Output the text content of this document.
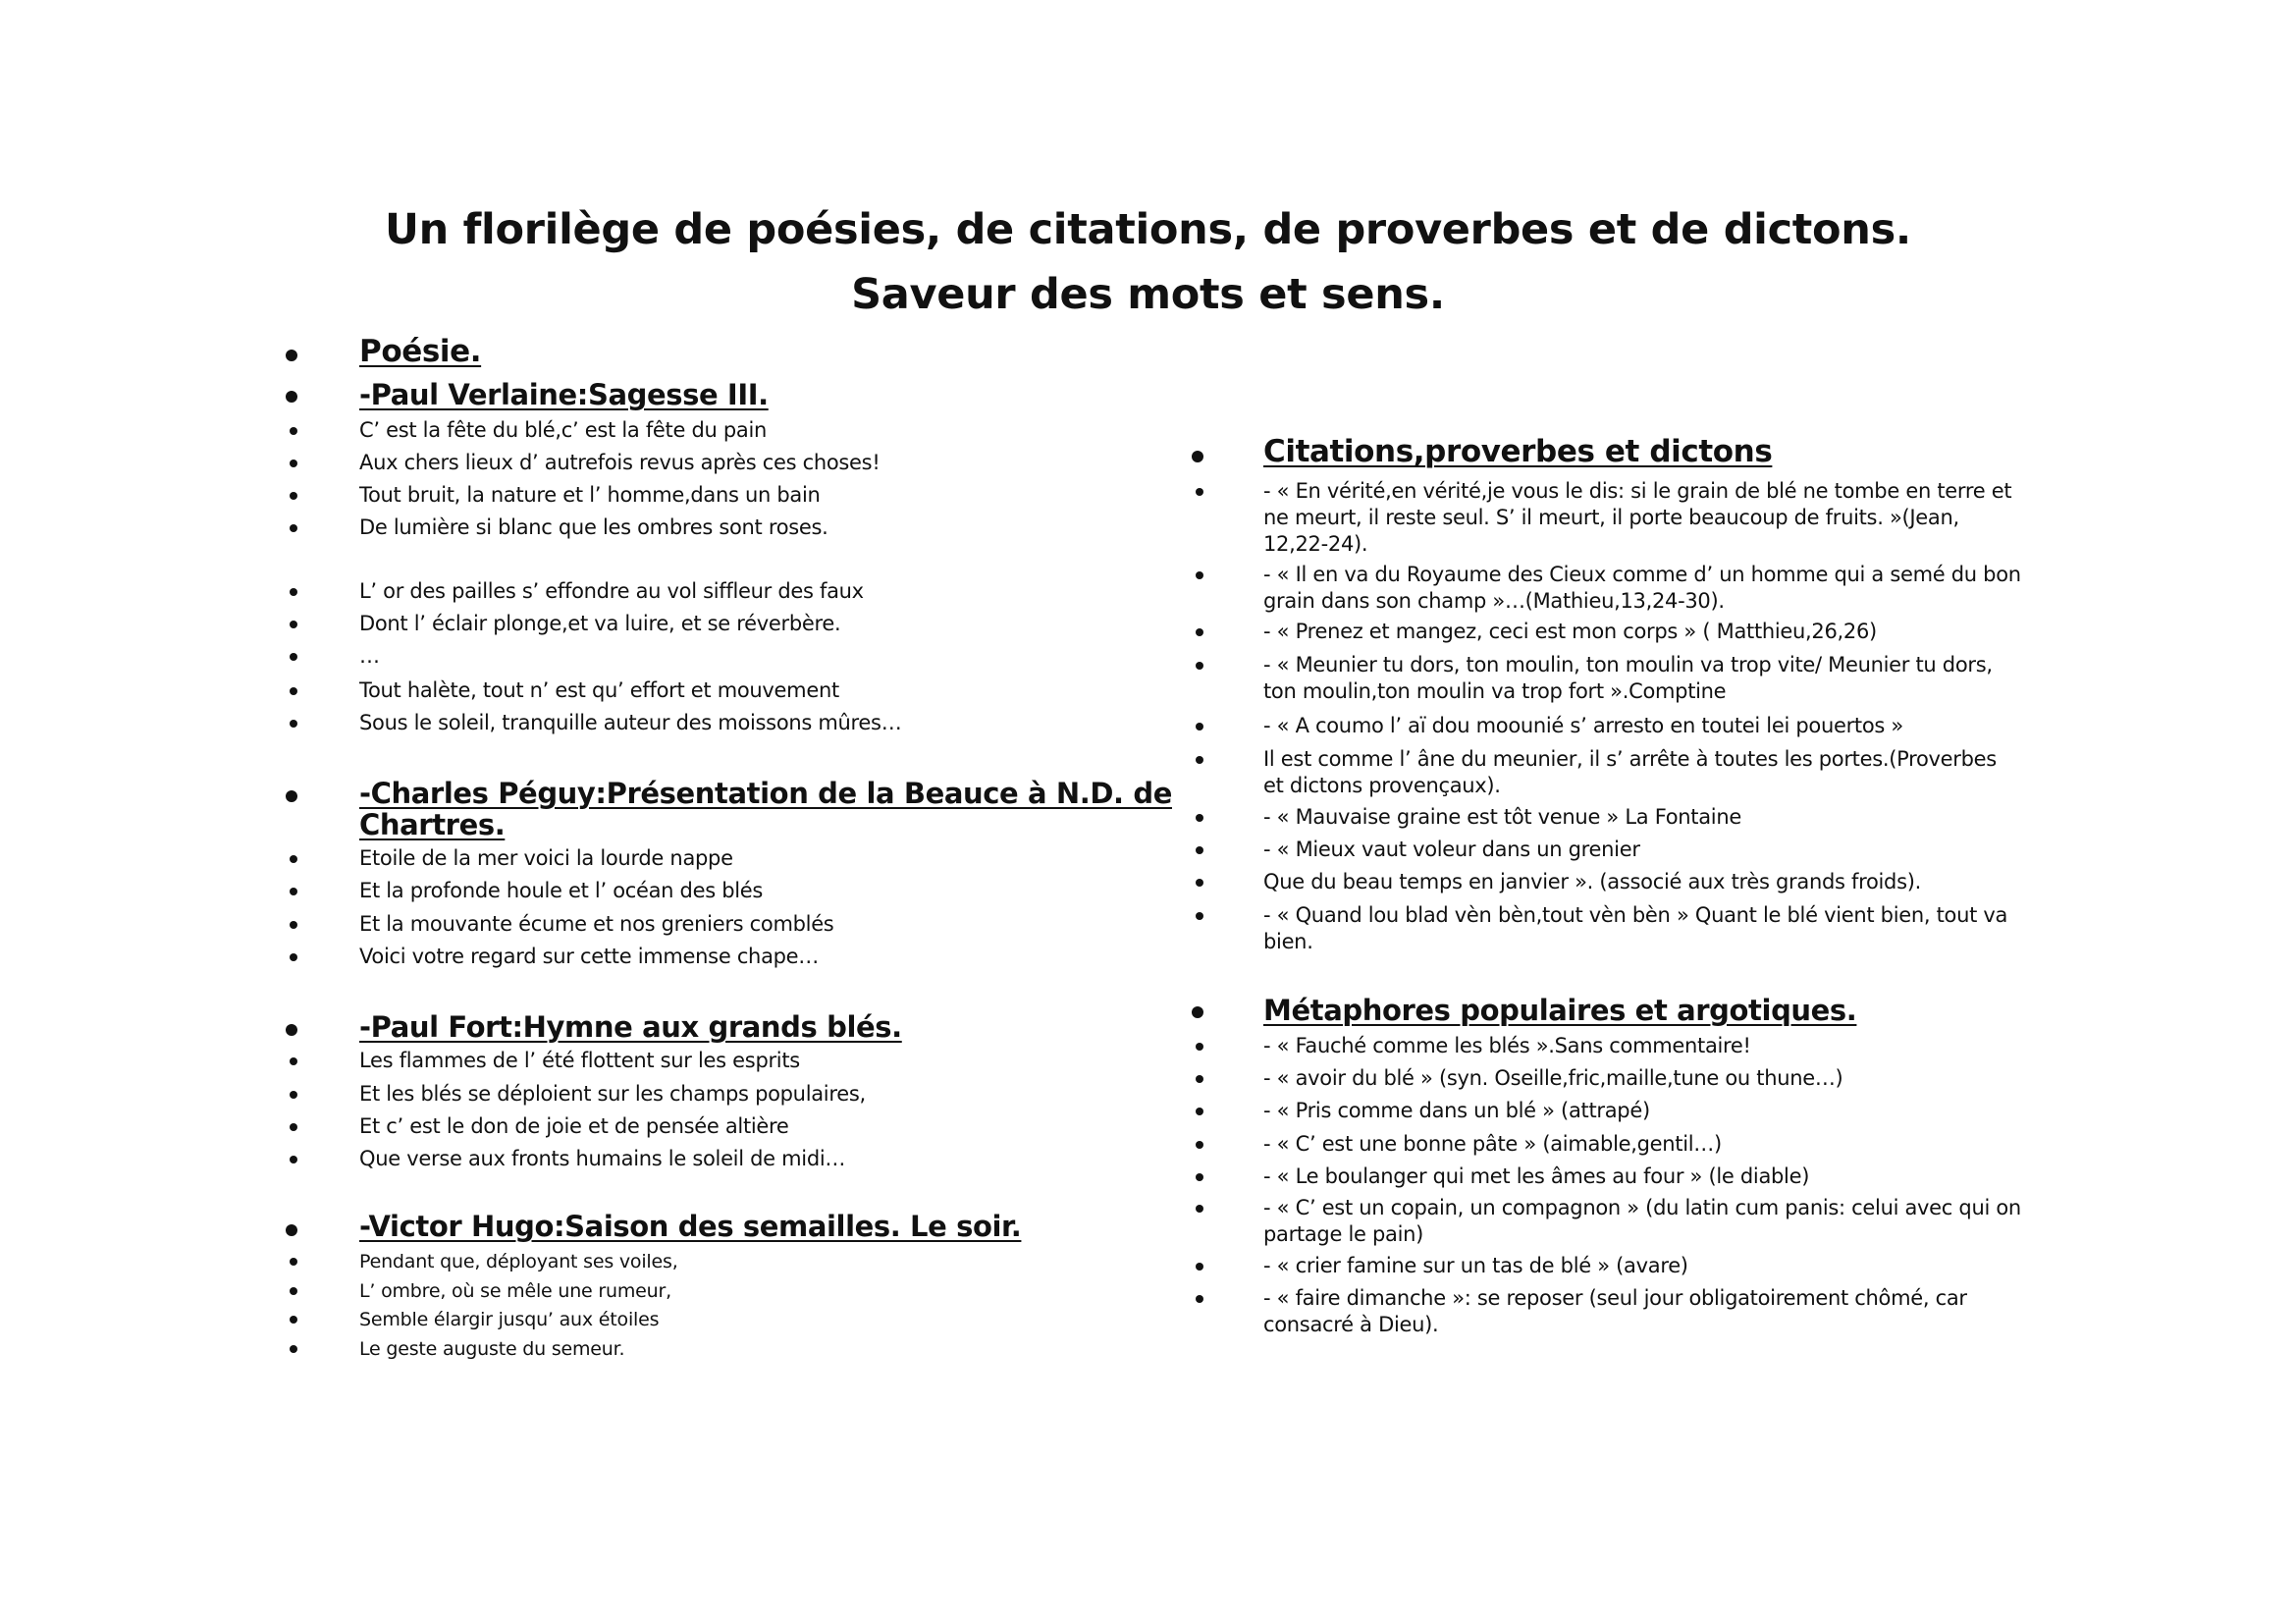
Un florilège de poésies, de citations, de proverbes et de dictons.
Saveur des mots et sens.
Poésie.
-Paul Verlaine:Sagesse III.
C’ est la fête du blé,c’ est la fête du pain
Aux chers lieux d’ autrefois revus après ces choses!
Tout bruit, la nature et l’ homme,dans un bain
De lumière si blanc que les ombres sont roses.
L’ or des pailles s’ effondre au vol siffleur des faux
Dont l’ éclair plonge,et va luire, et se réverbère.
…
Tout halète, tout n’ est qu’ effort et mouvement
Sous le soleil, tranquille auteur des moissons mûres…
-Charles Péguy:Présentation de la Beauce à N.D. de
Chartres.
Etoile de la mer voici la lourde nappe
Et la profonde houle et l’ océan des blés
Et la mouvante écume et nos greniers comblés
Voici votre regard sur cette immense chape…
-Paul Fort:Hymne aux grands blés.
Les flammes de l’ été flottent sur les esprits
Et les blés se déploient sur les champs populaires,
Et c’ est le don de joie et de pensée altière
Que verse aux fronts humains le soleil de midi…
-Victor Hugo:Saison des semailles. Le soir.
Pendant que, déployant ses voiles,
L’ ombre, où se mêle une rumeur,
Semble élargir jusqu’ aux étoiles
Le geste auguste du semeur.
Citations,proverbes et dictons
- « En vérité,en vérité,je vous le dis: si le grain de blé ne tombe en terre et
ne meurt, il reste seul. S’ il meurt, il porte beaucoup de fruits. »(Jean,
12,22-24).
- « Il en va du Royaume des Cieux comme d’ un homme qui a semé du bon
grain dans son champ »…(Mathieu,13,24-30).
- « Prenez et mangez, ceci est mon corps » ( Matthieu,26,26)
- « Meunier tu dors, ton moulin, ton moulin va trop vite/ Meunier tu dors,
ton moulin,ton moulin va trop fort ».Comptine
- « A coumo l’ aï dou moounié s’ arresto en toutei lei pouertos »
Il est comme l’ âne du meunier, il s’ arrête à toutes les portes.(Proverbes
et dictons provençaux).
- « Mauvaise graine est tôt venue » La Fontaine
- « Mieux vaut voleur dans un grenier
Que du beau temps en janvier ». (associé aux très grands froids).
- « Quand lou blad vèn bèn,tout vèn bèn » Quant le blé vient bien, tout va
bien.
Métaphores populaires et argotiques.
- « Fauché comme les blés ».Sans commentaire!
- « avoir du blé » (syn. Oseille,fric,maille,tune ou thune…)
- « Pris comme dans un blé » (attrapé)
- « C’ est une bonne pâte » (aimable,gentil…)
- « Le boulanger qui met les âmes au four » (le diable)
- « C’ est un copain, un compagnon » (du latin cum panis: celui avec qui on
partage le pain)
- « crier famine sur un tas de blé » (avare)
- « faire dimanche »: se reposer (seul jour obligatoirement chômé, car
consacré à Dieu).
